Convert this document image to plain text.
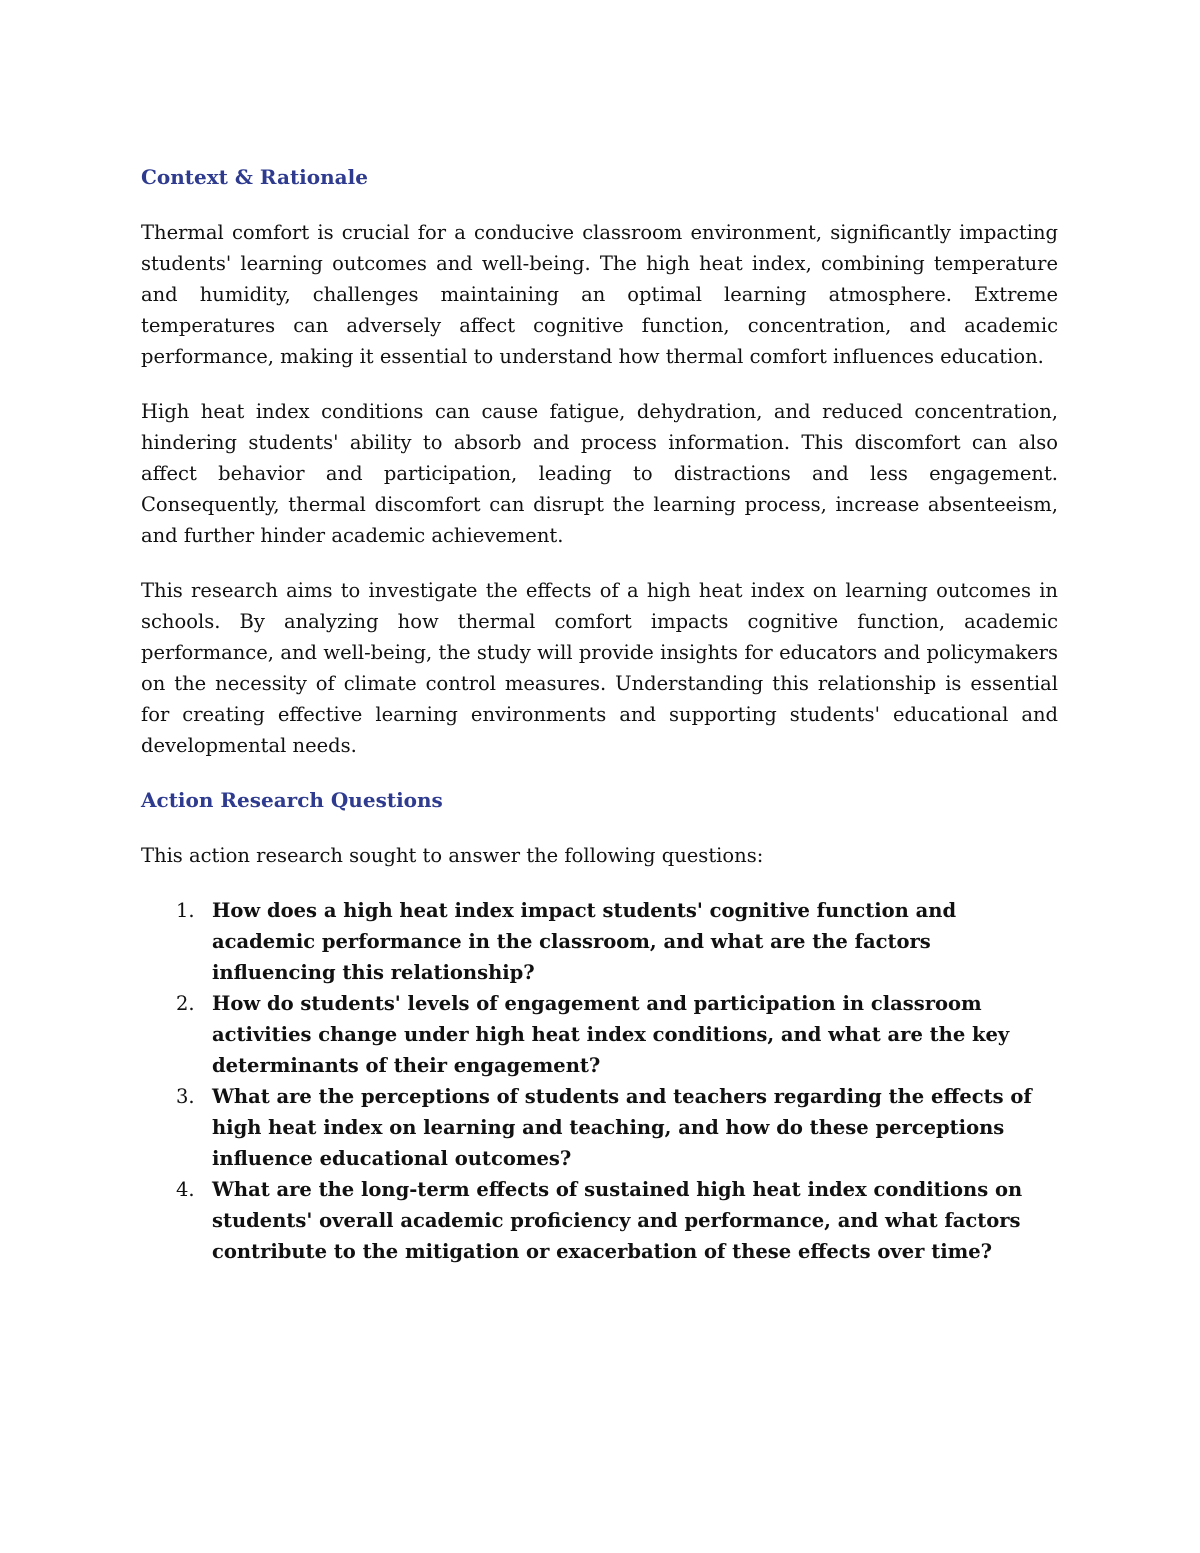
Context & Rationale

Thermal comfort is crucial for a conducive classroom environment, significantly impacting students' learning outcomes and well-being. The high heat index, combining temperature and humidity, challenges maintaining an optimal learning atmosphere. Extreme temperatures can adversely affect cognitive function, concentration, and academic performance, making it essential to understand how thermal comfort influences education.

High heat index conditions can cause fatigue, dehydration, and reduced concentration, hindering students' ability to absorb and process information. This discomfort can also affect behavior and participation, leading to distractions and less engagement. Consequently, thermal discomfort can disrupt the learning process, increase absenteeism, and further hinder academic achievement.

This research aims to investigate the effects of a high heat index on learning outcomes in schools. By analyzing how thermal comfort impacts cognitive function, academic performance, and well-being, the study will provide insights for educators and policymakers on the necessity of climate control measures. Understanding this relationship is essential for creating effective learning environments and supporting students' educational and developmental needs.

Action Research Questions

This action research sought to answer the following questions:

1. How does a high heat index impact students' cognitive function and academic performance in the classroom, and what are the factors influencing this relationship?
2. How do students' levels of engagement and participation in classroom activities change under high heat index conditions, and what are the key determinants of their engagement?
3. What are the perceptions of students and teachers regarding the effects of high heat index on learning and teaching, and how do these perceptions influence educational outcomes?
4. What are the long-term effects of sustained high heat index conditions on students' overall academic proficiency and performance, and what factors contribute to the mitigation or exacerbation of these effects over time?
